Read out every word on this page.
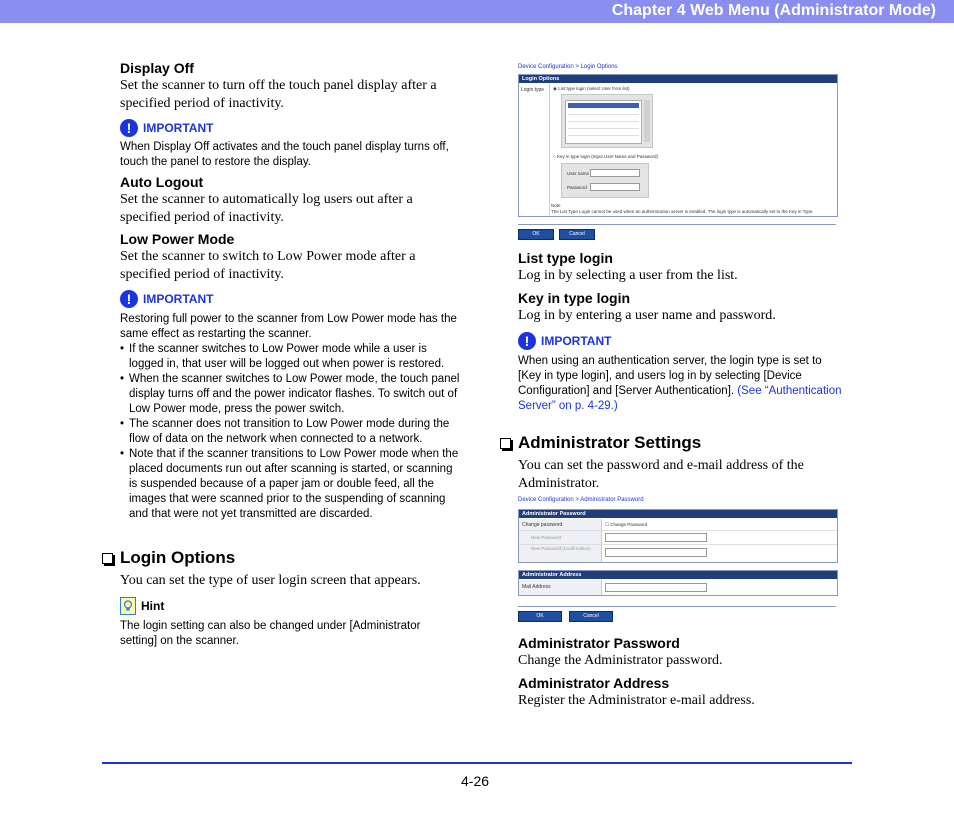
Chapter 4 Web Menu (Administrator Mode)

Display Off

Set the scanner to turn off the touch panel display after a specified period of inactivity.

! IMPORTANT

When Display Off activates and the touch panel display turns off, touch the panel to restore the display.

Auto Logout

Set the scanner to automatically log users out after a specified period of inactivity.

Low Power Mode

Set the scanner to switch to Low Power mode after a specified period of inactivity.

! IMPORTANT

Restoring full power to the scanner from Low Power mode has the same effect as restarting the scanner.

• If the scanner switches to Low Power mode while a user is logged in, that user will be logged out when power is restored.
• When the scanner switches to Low Power mode, the touch panel display turns off and the power indicator flashes. To switch out of Low Power mode, press the power switch.
• The scanner does not transition to Low Power mode during the flow of data on the network when connected to a network.
• Note that if the scanner transitions to Low Power mode when the placed documents run out after scanning is started, or scanning is suspended because of a paper jam or double feed, all the images that were scanned prior to the suspending of scanning and that were not yet transmitted are discarded.
Login Options

You can set the type of user login screen that appears.

Hint

The login setting can also be changed under [Administrator setting] on the scanner.

Device Configuration > Login Options
Login Options
Login type ◉ List type login (select User from list)
○ Key in type login (Input User Name and Password)
User name
Password
Note
The List Type Login cannot be used when an authentication server is enabled. The login type is automatically set to the Key in Type.
OK	Cancel

List type login

Log in by selecting a user from the list.

Key in type login

Log in by entering a user name and password.

! IMPORTANT

When using an authentication server, the login type is set to [Key in type login], and users log in by selecting [Device Configuration] and [Server Authentication]. (See “Authentication Server” on p. 4-29.)

Administrator Settings

You can set the password and e-mail address of the Administrator.

Device Configuration > Administrator Password
Administrator Password
Change password	☐ Change Password
New Password
New Password (Confirmation)
Administrator Address
Mail Address
OK	Cancel

Administrator Password

Change the Administrator password.

Administrator Address

Register the Administrator e-mail address.

4-26
